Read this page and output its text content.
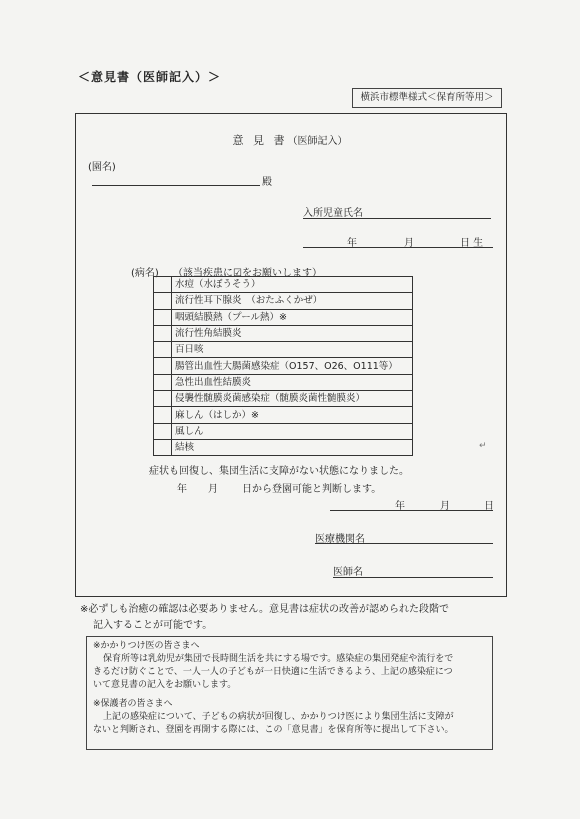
＜意見書（医師記入）＞
横浜市標準様式＜保育所等用＞
意 見 書（医師記入）
(園名)
殿
入所児童氏名
年	月	日 生
(病名) （該当疾患に☑をお願いします）
	水痘（水ぼうそう）
	流行性耳下腺炎　（おたふくかぜ）
	咽頭結膜熱（プール熱）※
	流行性角結膜炎
	百日咳
	腸管出血性大腸菌感染症（O157、O26、O111等）
	急性出血性結膜炎
	侵襲性髄膜炎菌感染症（髄膜炎菌性髄膜炎）
	麻しん（はしか）※
	風しん
	結核	↵
症状も回復し、集団生活に支障がない状態になりました。
年 月 日から登園可能と判断します。
年	月	日
医療機関名
医師名
※必ずしも治癒の確認は必要ありません。意見書は症状の改善が認められた段階で
記入することが可能です。

※かかりつけ医の皆さまへ

保育所等は乳幼児が集団で長時間生活を共にする場です。感染症の集団発症や流行をで

きるだけ防ぐことで、一人一人の子どもが一日快適に生活できるよう、上記の感染症につ

いて意見書の記入をお願いします。

※保護者の皆さまへ

上記の感染症について、子どもの病状が回復し、かかりつけ医により集団生活に支障が

ないと判断され、登園を再開する際には、この「意見書」を保育所等に提出して下さい。
